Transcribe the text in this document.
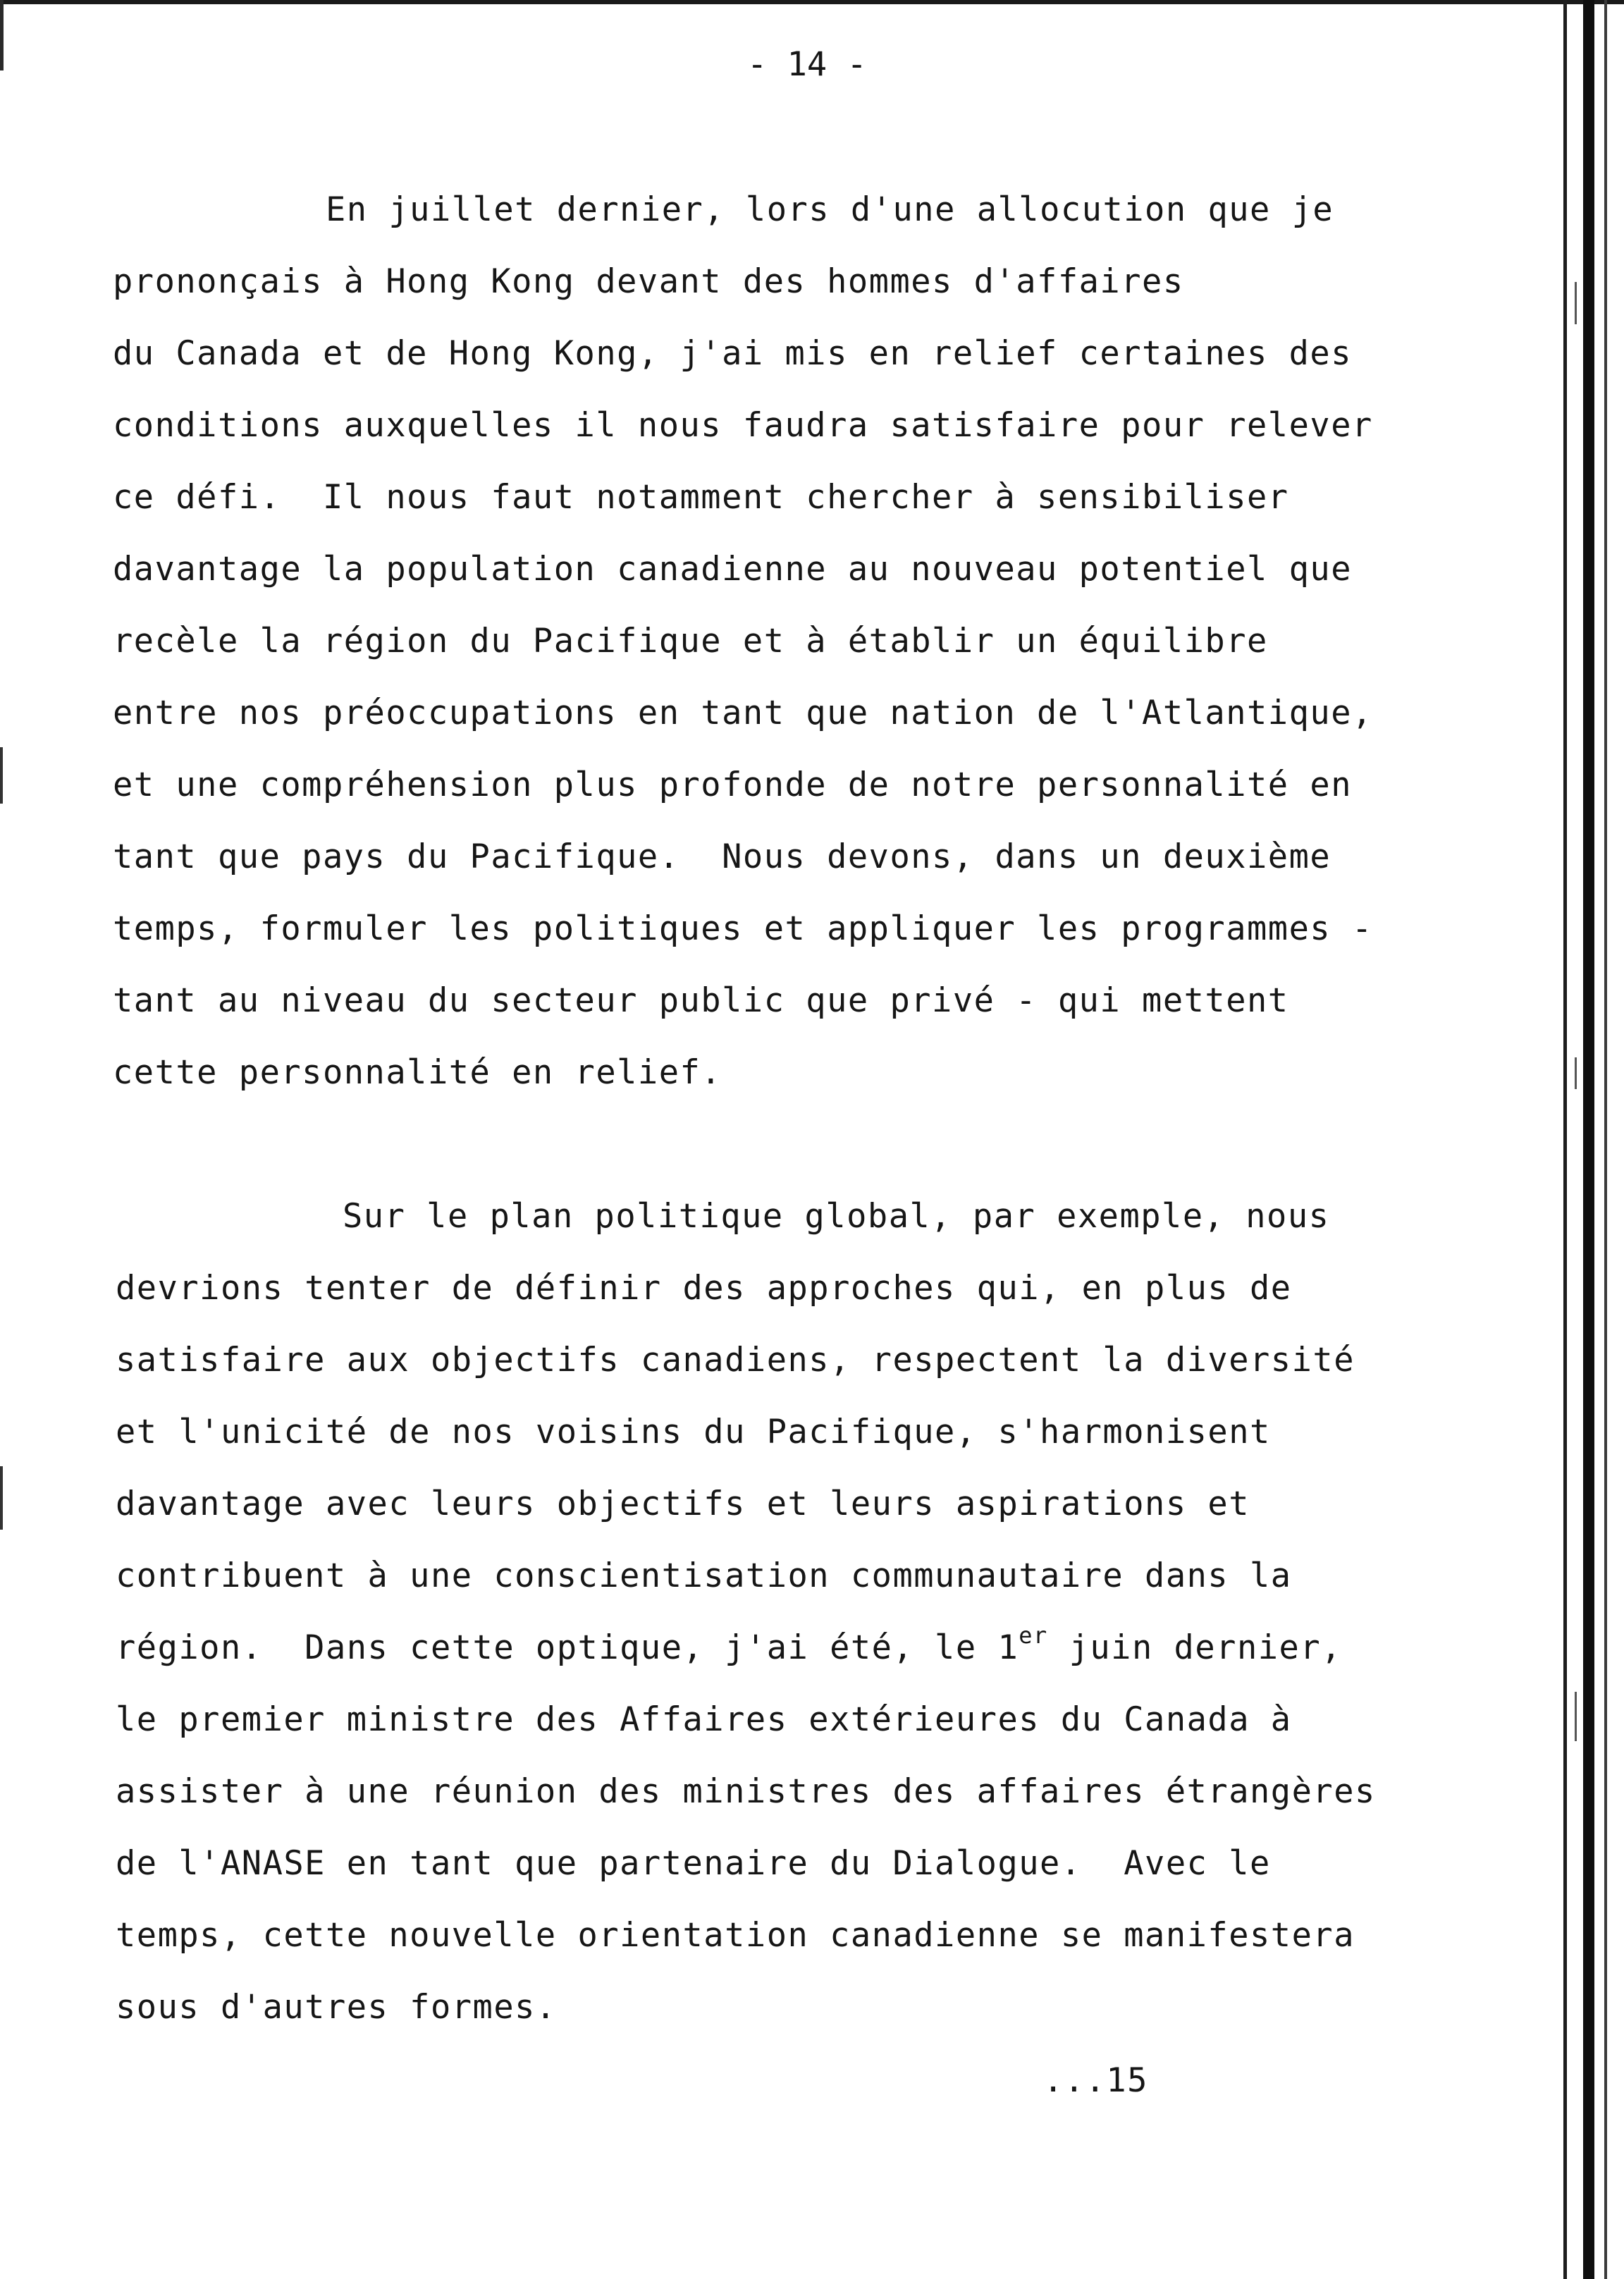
- 14 -
En juillet dernier, lors d'une allocution que je
prononçais à Hong Kong devant des hommes d'affaires
du Canada et de Hong Kong, j'ai mis en relief certaines des
conditions auxquelles il nous faudra satisfaire pour relever
ce défi.  Il nous faut notamment chercher à sensibiliser
davantage la population canadienne au nouveau potentiel que
recèle la région du Pacifique et à établir un équilibre
entre nos préoccupations en tant que nation de l'Atlantique,
et une compréhension plus profonde de notre personnalité en
tant que pays du Pacifique.  Nous devons, dans un deuxième
temps, formuler les politiques et appliquer les programmes -
tant au niveau du secteur public que privé - qui mettent
cette personnalité en relief.
Sur le plan politique global, par exemple, nous
devrions tenter de définir des approches qui, en plus de
satisfaire aux objectifs canadiens, respectent la diversité
et l'unicité de nos voisins du Pacifique, s'harmonisent
davantage avec leurs objectifs et leurs aspirations et
contribuent à une conscientisation communautaire dans la
région.  Dans cette optique, j'ai été, le 1er juin dernier,
le premier ministre des Affaires extérieures du Canada à
assister à une réunion des ministres des affaires étrangères
de l'ANASE en tant que partenaire du Dialogue.  Avec le
temps, cette nouvelle orientation canadienne se manifestera
sous d'autres formes.
...15
